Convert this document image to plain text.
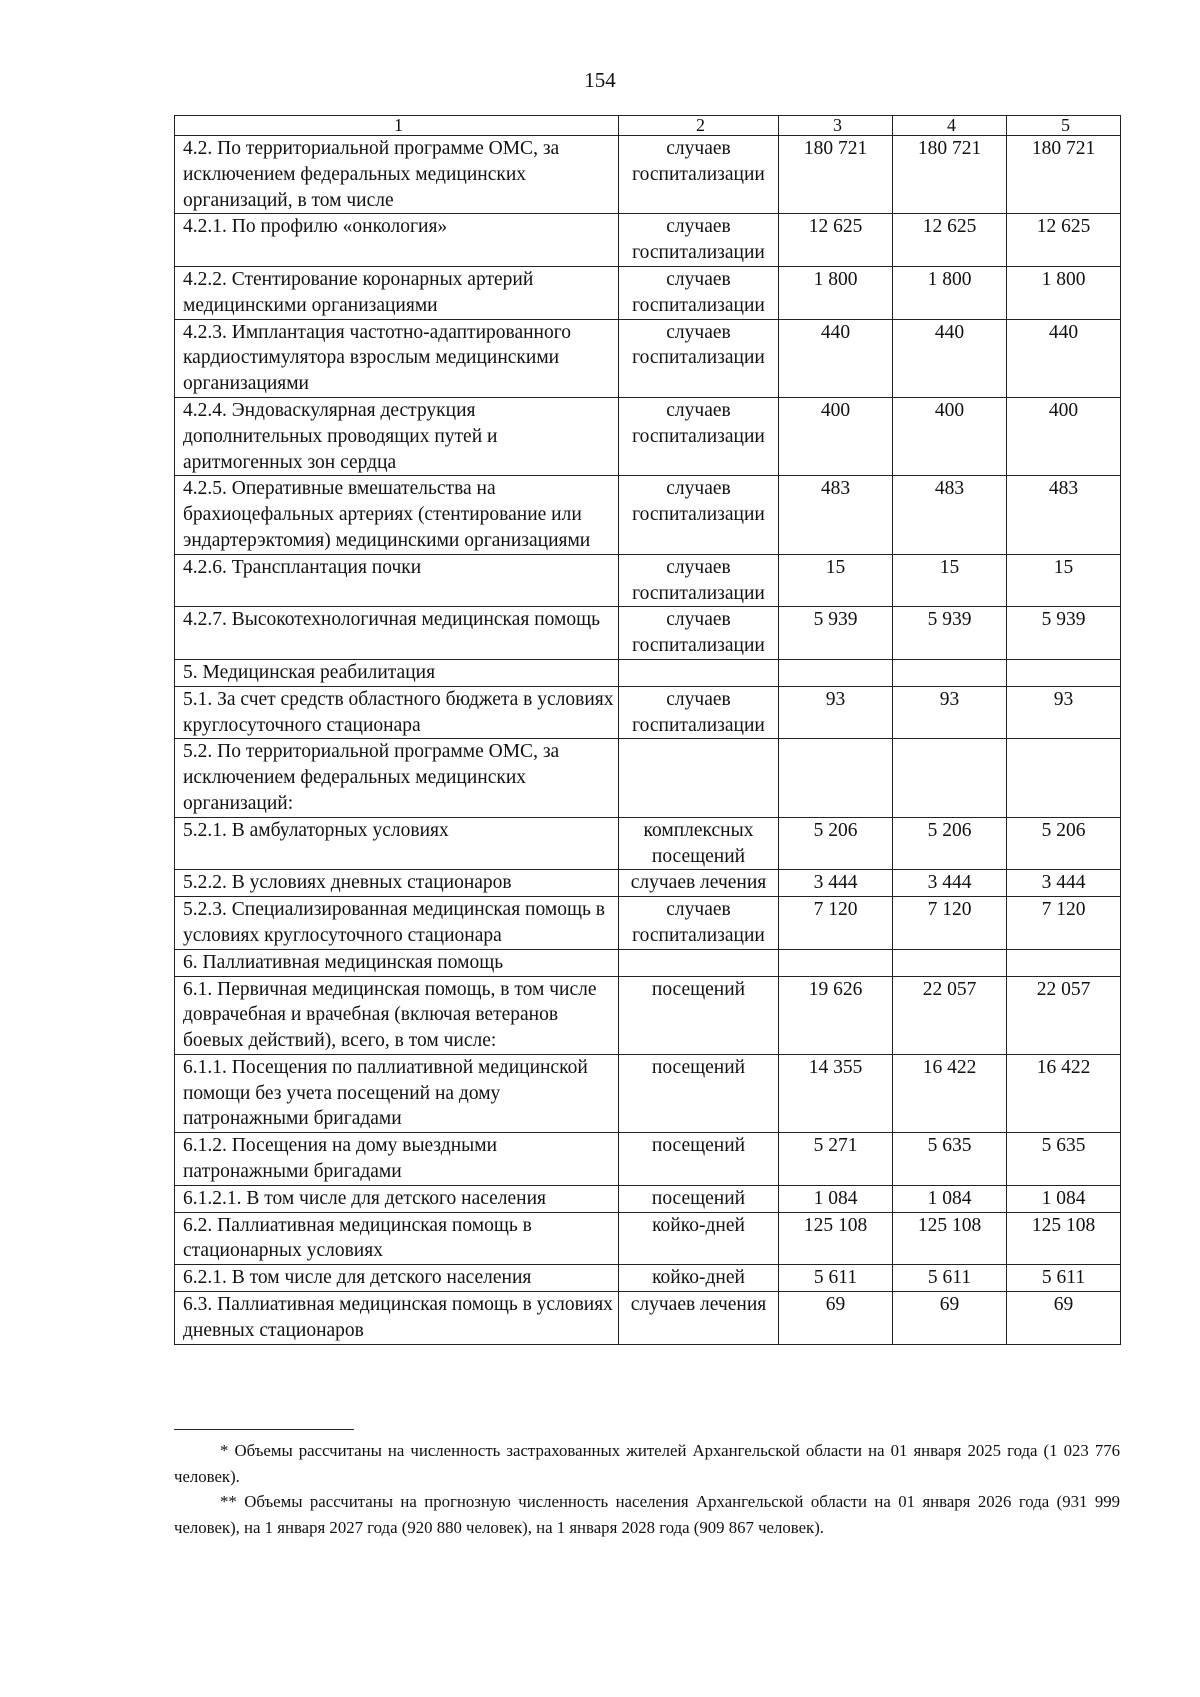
154
1	2	3	4	5
4.2. По территориальной программе ОМС, за исключением федеральных медицинских организаций, в том числе	случаев госпитализации	180 721	180 721	180 721
4.2.1. По профилю «онкология»	случаев госпитализации	12 625	12 625	12 625
4.2.2. Стентирование коронарных артерий медицинскими организациями	случаев госпитализации	1 800	1 800	1 800
4.2.3. Имплантация частотно-адаптированного кардиостимулятора взрослым медицинскими организациями	случаев госпитализации	440	440	440
4.2.4. Эндоваскулярная деструкция дополнительных проводящих путей и аритмогенных зон сердца	случаев госпитализации	400	400	400
4.2.5. Оперативные вмешательства на брахиоцефальных артериях (стентирование или эндартерэктомия) медицинскими организациями	случаев госпитализации	483	483	483
4.2.6. Трансплантация почки	случаев госпитализации	15	15	15
4.2.7. Высокотехнологичная медицинская помощь	случаев госпитализации	5 939	5 939	5 939
5. Медицинская реабилитация				
5.1. За счет средств областного бюджета в условиях круглосуточного стационара	случаев госпитализации	93	93	93
5.2. По территориальной программе ОМС, за исключением федеральных медицинских организаций:				
5.2.1. В амбулаторных условиях	комплексных посещений	5 206	5 206	5 206
5.2.2. В условиях дневных стационаров	случаев лечения	3 444	3 444	3 444
5.2.3. Специализированная медицинская помощь в условиях круглосуточного стационара	случаев госпитализации	7 120	7 120	7 120
6. Паллиативная медицинская помощь				
6.1. Первичная медицинская помощь, в том числе доврачебная и врачебная (включая ветеранов боевых действий), всего, в том числе:	посещений	19 626	22 057	22 057
6.1.1. Посещения по паллиативной медицинской помощи без учета посещений на дому патронажными бригадами	посещений	14 355	16 422	16 422
6.1.2. Посещения на дому выездными патронажными бригадами	посещений	5 271	5 635	5 635
6.1.2.1. В том числе для детского населения	посещений	1 084	1 084	1 084
6.2. Паллиативная медицинская помощь в стационарных условиях	койко-дней	125 108	125 108	125 108
6.2.1. В том числе для детского населения	койко-дней	5 611	5 611	5 611
6.3. Паллиативная медицинская помощь в условиях дневных стационаров	случаев лечения	69	69	69

* Объемы рассчитаны на численность застрахованных жителей Архангельской области на 01 января 2025 года (1 023 776 человек).

** Объемы рассчитаны на прогнозную численность населения Архангельской области на 01 января 2026 года (931 999 человек), на 1 января 2027 года (920 880 человек), на 1 января 2028 года (909 867 человек).
